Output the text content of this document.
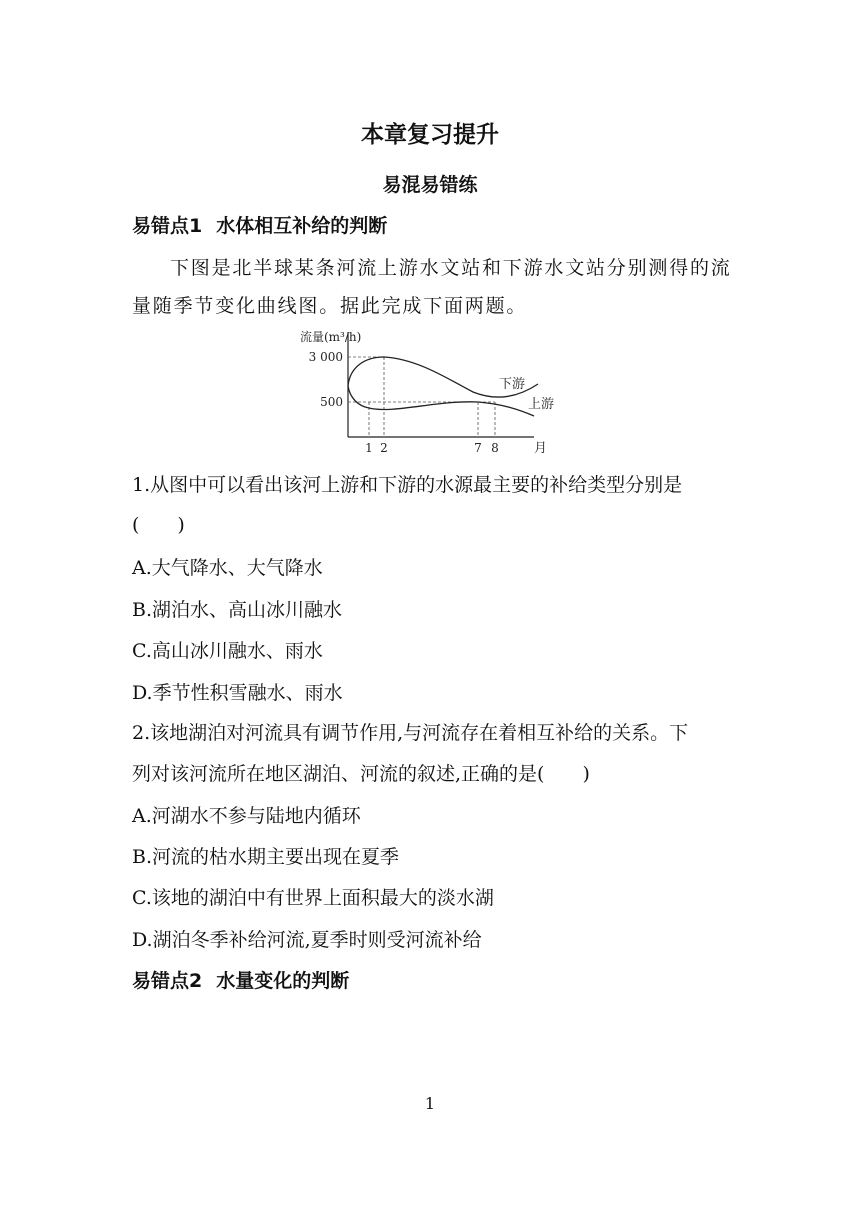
本章复习提升
易混易错练
易错点1 水体相互补给的判断
下图是北半球某条河流上游水文站和下游水文站分别测得的流
量随季节变化曲线图。据此完成下面两题。
流量(m³/h)
月
3 000
500
1 2	7 8
下游
上游
1.从图中可以看出该河上游和下游的水源最主要的补给类型分别是
(　　)
A.大气降水、大气降水
B.湖泊水、高山冰川融水
C.高山冰川融水、雨水
D.季节性积雪融水、雨水
2.该地湖泊对河流具有调节作用,与河流存在着相互补给的关系。下
列对该河流所在地区湖泊、河流的叙述,正确的是(　　)
A.河湖水不参与陆地内循环
B.河流的枯水期主要出现在夏季
C.该地的湖泊中有世界上面积最大的淡水湖
D.湖泊冬季补给河流,夏季时则受河流补给
易错点2 水量变化的判断
1
